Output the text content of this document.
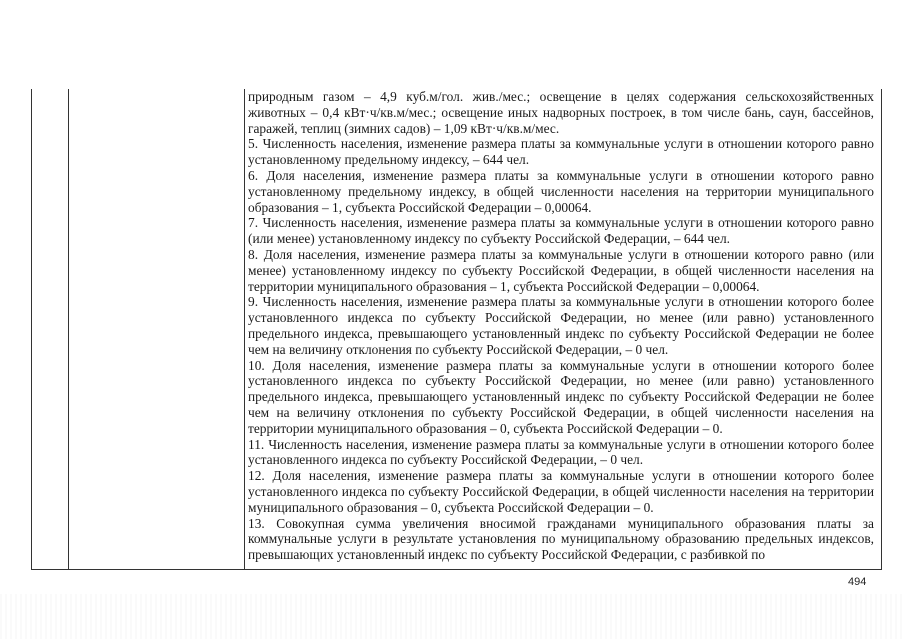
природным газом – 4,9 куб.м/гол. жив./мес.; освещение в целях содержания сельскохозяйственных животных – 0,4 кВт·ч/кв.м/мес.; освещение иных надворных построек, в том числе бань, саун, бассейнов, гаражей, теплиц (зимних садов) – 1,09 кВт·ч/кв.м/мес.

5. Численность населения, изменение размера платы за коммунальные услуги в отношении которого равно установленному предельному индексу, – 644 чел.

6. Доля населения, изменение размера платы за коммунальные услуги в отношении которого равно установленному предельному индексу, в общей численности населения на территории муниципального образования – 1, субъекта Российской Федерации – 0,00064.

7. Численность населения, изменение размера платы за коммунальные услуги в отношении которого равно (или менее) установленному индексу по субъекту Российской Федерации, – 644 чел.

8. Доля населения, изменение размера платы за коммунальные услуги в отношении которого равно (или менее) установленному индексу по субъекту Российской Федерации, в общей численности населения на территории муниципального образования – 1, субъекта Российской Федерации – 0,00064.

9. Численность населения, изменение размера платы за коммунальные услуги в отношении которого более установленного индекса по субъекту Российской Федерации, но менее (или равно) установленного предельного индекса, превышающего установленный индекс по субъекту Российской Федерации не более чем на величину отклонения по субъекту Российской Федерации, – 0 чел.

10. Доля населения, изменение размера платы за коммунальные услуги в отношении которого более установленного индекса по субъекту Российской Федерации, но менее (или равно) установленного предельного индекса, превышающего установленный индекс по субъекту Российской Федерации не более чем на величину отклонения по субъекту Российской Федерации, в общей численности населения на территории муниципального образования – 0, субъекта Российской Федерации – 0.

11. Численность населения, изменение размера платы за коммунальные услуги в отношении которого более установленного индекса по субъекту Российской Федерации, – 0 чел.

12. Доля населения, изменение размера платы за коммунальные услуги в отношении которого более установленного индекса по субъекту Российской Федерации, в общей численности населения на территории муниципального образования – 0, субъекта Российской Федерации – 0.

13. Совокупная сумма увеличения вносимой гражданами муниципального образования платы за коммунальные услуги в результате установления по муниципальному образованию предельных индексов, превышающих установленный индекс по субъекту Российской Федерации, с разбивкой по

494
